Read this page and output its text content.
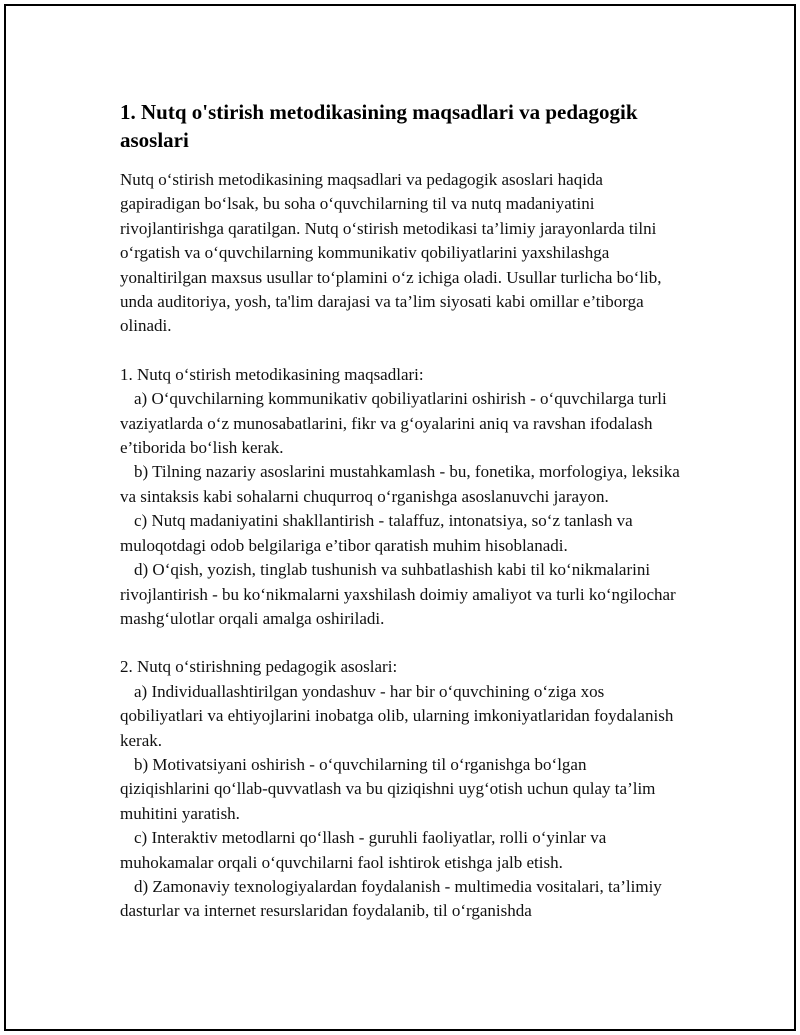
1. Nutq o'stirish metodikasining maqsadlari va pedagogik asoslari

Nutq o‘stirish metodikasining maqsadlari va pedagogik asoslari haqida gapiradigan bo‘lsak, bu soha o‘quvchilarning til va nutq madaniyatini rivojlantirishga qaratilgan. Nutq o‘stirish metodikasi ta’limiy jarayonlarda tilni o‘rgatish va o‘quvchilarning kommunikativ qobiliyatlarini yaxshilashga yonaltirilgan maxsus usullar to‘plamini o‘z ichiga oladi. Usullar turlicha bo‘lib, unda auditoriya, yosh, ta'lim darajasi va ta’lim siyosati kabi omillar e’tiborga olinadi.

1. Nutq o‘stirish metodikasining maqsadlari:

a) O‘quvchilarning kommunikativ qobiliyatlarini oshirish - o‘quvchilarga turli vaziyatlarda o‘z munosabatlarini, fikr va g‘oyalarini aniq va ravshan ifodalash e’tiborida bo‘lish kerak.

b) Tilning nazariy asoslarini mustahkamlash - bu, fonetika, morfologiya, leksika va sintaksis kabi sohalarni chuqurroq o‘rganishga asoslanuvchi jarayon.

c) Nutq madaniyatini shakllantirish - talaffuz, intonatsiya, so‘z tanlash va muloqotdagi odob belgilariga e’tibor qaratish muhim hisoblanadi.

d) O‘qish, yozish, tinglab tushunish va suhbatlashish kabi til ko‘nikmalarini rivojlantirish - bu ko‘nikmalarni yaxshilash doimiy amaliyot va turli ko‘ngilochar mashg‘ulotlar orqali amalga oshiriladi.

2. Nutq o‘stirishning pedagogik asoslari:

a) Individuallashtirilgan yondashuv - har bir o‘quvchining o‘ziga xos qobiliyatlari va ehtiyojlarini inobatga olib, ularning imkoniyatlaridan foydalanish kerak.

b) Motivatsiyani oshirish - o‘quvchilarning til o‘rganishga bo‘lgan qiziqishlarini qo‘llab-quvvatlash va bu qiziqishni uyg‘otish uchun qulay ta’lim muhitini yaratish.

c) Interaktiv metodlarni qo‘llash - guruhli faoliyatlar, rolli o‘yinlar va muhokamalar orqali o‘quvchilarni faol ishtirok etishga jalb etish.

d) Zamonaviy texnologiyalardan foydalanish - multimedia vositalari, ta’limiy dasturlar va internet resurslaridan foydalanib, til o‘rganishda
